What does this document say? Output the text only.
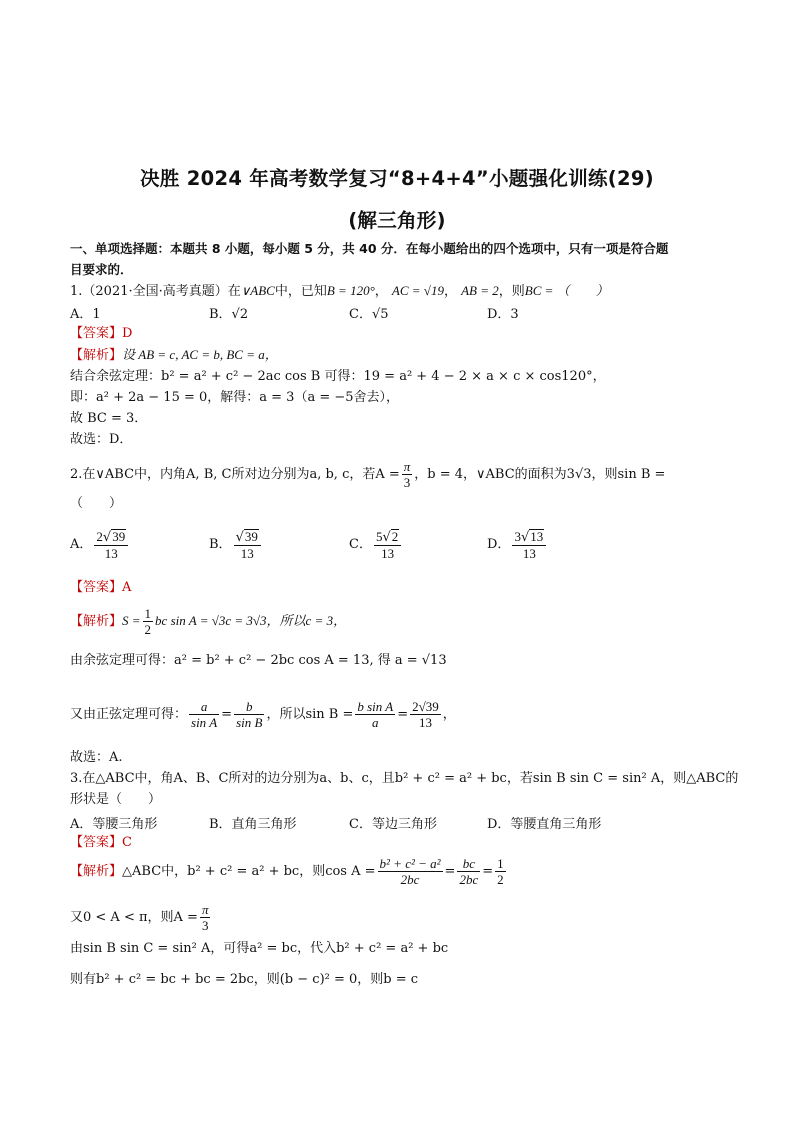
决胜 2024 年高考数学复习“8+4+4”小题强化训练(29)
(解三角形)
一、单项选择题：本题共 8 小题，每小题 5 分，共 40 分．在每小题给出的四个选项中，只有一项是符合题
目要求的．
1.（2021·全国·高考真题）在∨ABC中，已知B = 120°， AC = √19， AB = 2，则BC = （　　）
A．1	B．√2	C．√5	D．3
【答案】D
【解析】设 AB = c, AC = b, BC = a，
结合余弦定理：b² = a² + c² − 2ac cos B 可得：19 = a² + 4 − 2 × a × c × cos120°，
即：a² + 2a − 15 = 0，解得：a = 3（a = −5舍去），
故 BC = 3．
故选：D．
2.在∨ABC中，内角A, B, C所对边分别为a, b, c，若$A = \frac{\pi}{3}$ ，b = 4，∨ABC的面积为3√3，则sin B =
（　　）
A． $\frac{2√39}{13}$	B． $\frac{√39}{13}$	C． $\frac{5√2}{13}$	D． $\frac{3√13}{13}$
【答案】A
【解析】$S = \frac{1}{2}$ bc sin A = √3c = 3√3，所以c = 3，
由余弦定理可得：a² = b² + c² − 2bc cos A = 13, 得 a = √13
又由正弦定理可得： $\frac{a}{\text{sin A}} = \frac{b}{\text{sin B}}$ ，所以$\sin B = \frac{\text{b sin A}}{a} = \frac{2√39}{13}$ ，
故选：A.
3.在△ABC中，角A、B、C所对的边分别为a、b、c，且b² + c² = a² + bc，若sin B sin C = sin² A，则△ABC的
形状是（　　）
A．等腰三角形	B．直角三角形	C．等边三角形	D．等腰直角三角形
【答案】C
【解析】△ABC中，b² + c² = a² + bc，则$\cos A = \frac{\text{b² + c² − a²}}{2bc} = \frac{bc}{2bc} = \frac{1}{2}$
又0 < A < π，则$A = \frac{\pi}{3}$
由sin B sin C = sin² A，可得a² = bc，代入b² + c² = a² + bc
则有b² + c² = bc + bc = 2bc，则(b − c)² = 0，则b = c
